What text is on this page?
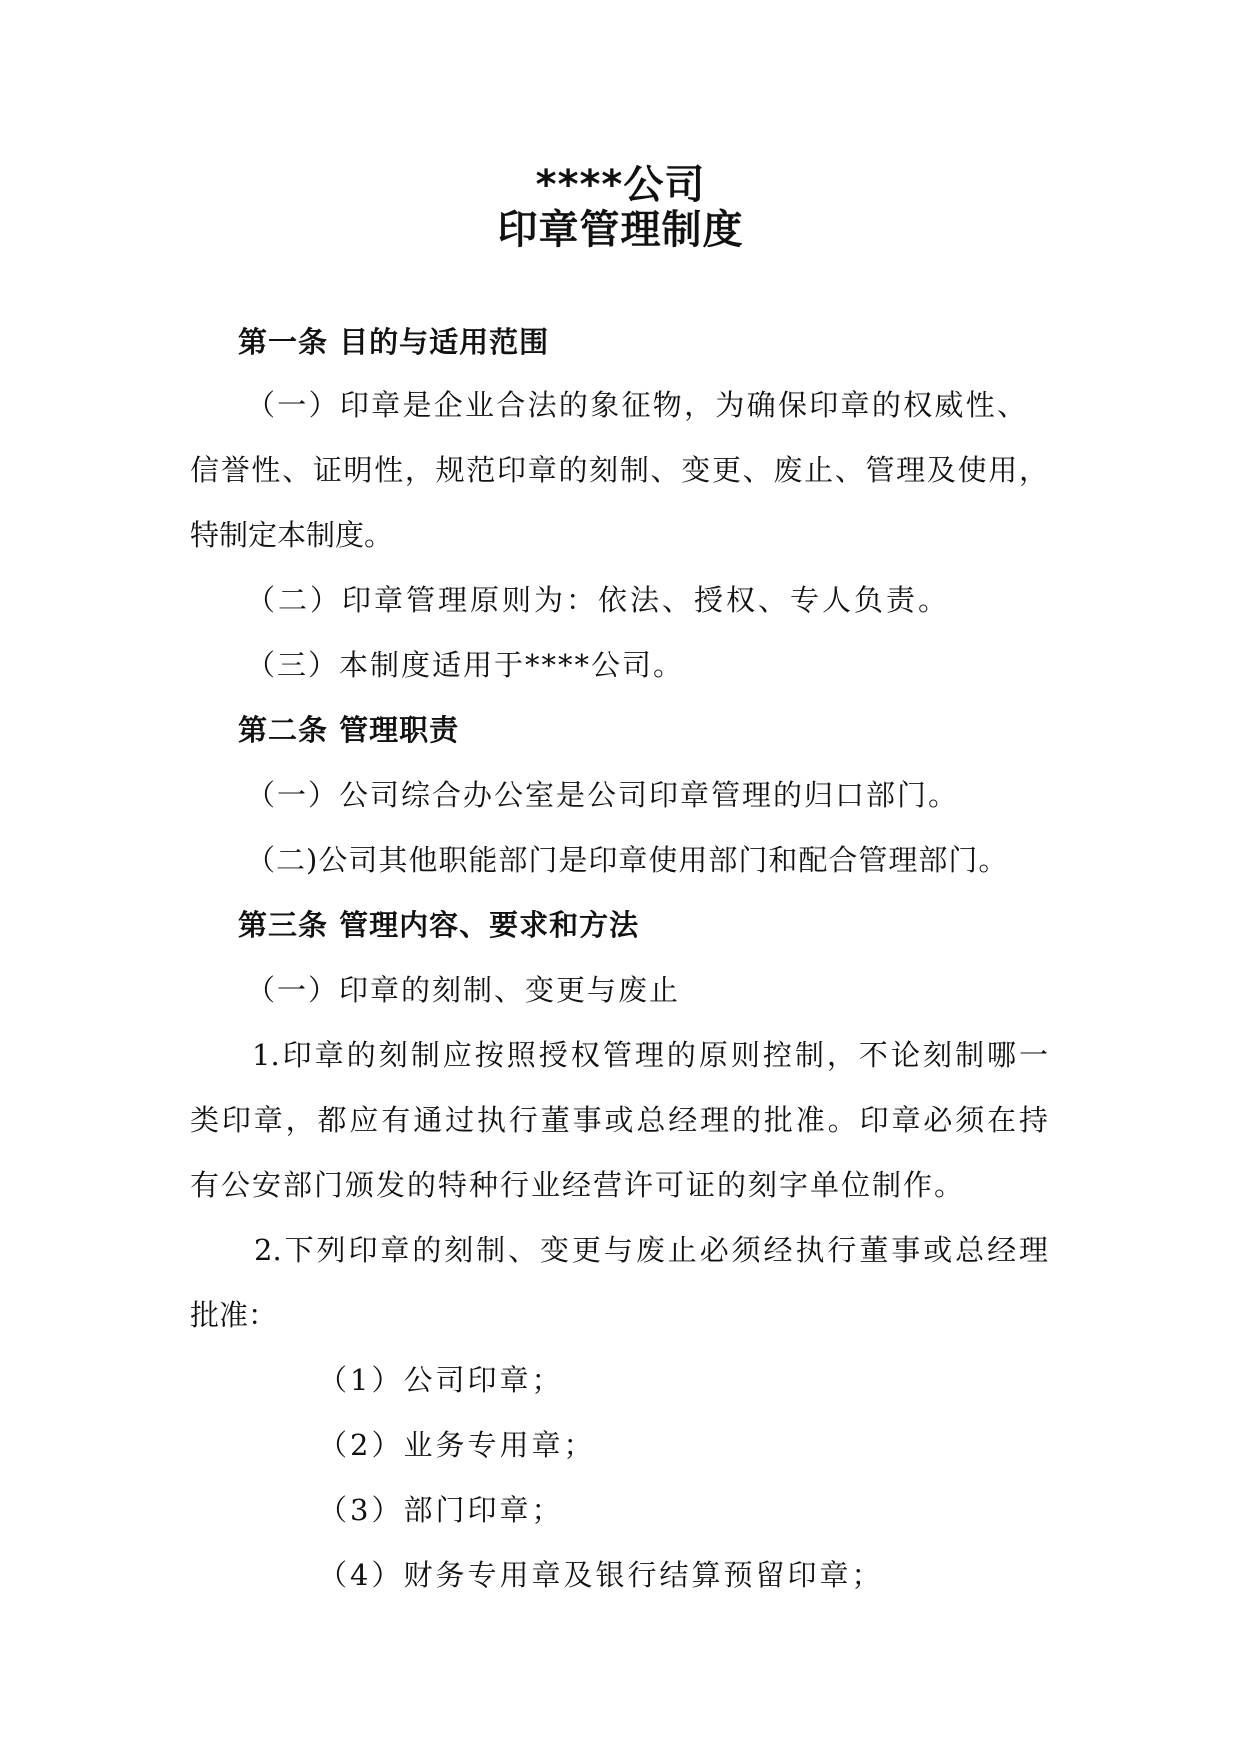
****公司
印章管理制度

第一条 目的与适用范围

（一）印章是企业合法的象征物，为确保印章的权威性、

信誉性、证明性，规范印章的刻制、变更、废止、管理及使用，

特制定本制度。

（二）印章管理原则为：依法、授权、专人负责。

（三）本制度适用于****公司。

第二条 管理职责

（一）公司综合办公室是公司印章管理的归口部门。

（二)公司其他职能部门是印章使用部门和配合管理部门。

第三条 管理内容、要求和方法

（一）印章的刻制、变更与废止

1.印章的刻制应按照授权管理的原则控制，不论刻制哪一

类印章，都应有通过执行董事或总经理的批准。印章必须在持

有公安部门颁发的特种行业经营许可证的刻字单位制作。

2.下列印章的刻制、变更与废止必须经执行董事或总经理

批准：

（1）公司印章；

（2）业务专用章；

（3）部门印章；

（4）财务专用章及银行结算预留印章；
